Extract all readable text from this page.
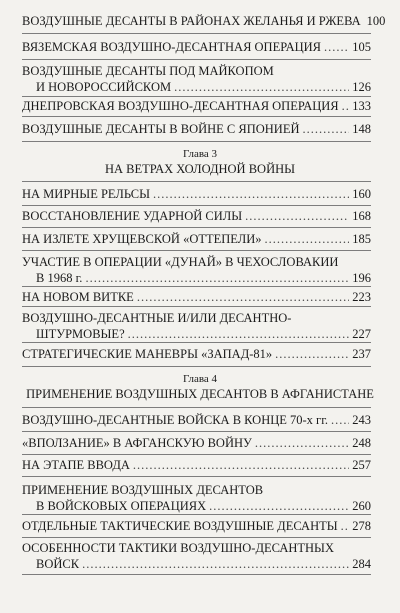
ВОЗДУШНЫЕ ДЕСАНТЫ В РАЙОНАХ ЖЕЛАНЬЯ И РЖЕВА 100
ВЯЗЕМСКАЯ ВОЗДУШНО-ДЕСАНТНАЯ ОПЕРАЦИЯ .....	105
ВОЗДУШНЫЕ ДЕСАНТЫ ПОД МАЙКОПОМ
И НОВОРОССИЙСКОМ .....	126
ДНЕПРОВСКАЯ ВОЗДУШНО-ДЕСАНТНАЯ ОПЕРАЦИЯ ..... 133
ВОЗДУШНЫЕ ДЕСАНТЫ В ВОЙНЕ С ЯПОНИЕЙ .....	148
Глава 3
НА ВЕТРАХ ХОЛОДНОЙ ВОЙНЫ
НА МИРНЫЕ РЕЛЬСЫ .....	160
ВОССТАНОВЛЕНИЕ УДАРНОЙ СИЛЫ .....	168
НА ИЗЛЕТЕ ХРУЩЕВСКОЙ «ОТТЕПЕЛИ» .....	185
УЧАСТИЕ В ОПЕРАЦИИ «ДУНАЙ» В ЧЕХОСЛОВАКИИ
В 1968 г. .....	196
НА НОВОМ ВИТКЕ .....	223
ВОЗДУШНО-ДЕСАНТНЫЕ И/ИЛИ ДЕСАНТНО-
ШТУРМОВЫЕ? .....	227
СТРАТЕГИЧЕСКИЕ МАНЕВРЫ «ЗАПАД-81» .....	237
Глава 4
ПРИМЕНЕНИЕ ВОЗДУШНЫХ ДЕСАНТОВ В АФГАНИСТАНЕ
ВОЗДУШНО-ДЕСАНТНЫЕ ВОЙСКА В КОНЦЕ 70-х гг. ..... 243
«ВПОЛЗАНИЕ» В АФГАНСКУЮ ВОЙНУ .....	248
НА ЭТАПЕ ВВОДА .....	257
ПРИМЕНЕНИЕ ВОЗДУШНЫХ ДЕСАНТОВ
В ВОЙСКОВЫХ ОПЕРАЦИЯХ .....	260
ОТДЕЛЬНЫЕ ТАКТИЧЕСКИЕ ВОЗДУШНЫЕ ДЕСАНТЫ ..... 278
ОСОБЕННОСТИ ТАКТИКИ ВОЗДУШНО-ДЕСАНТНЫХ
ВОЙСК .....	284
